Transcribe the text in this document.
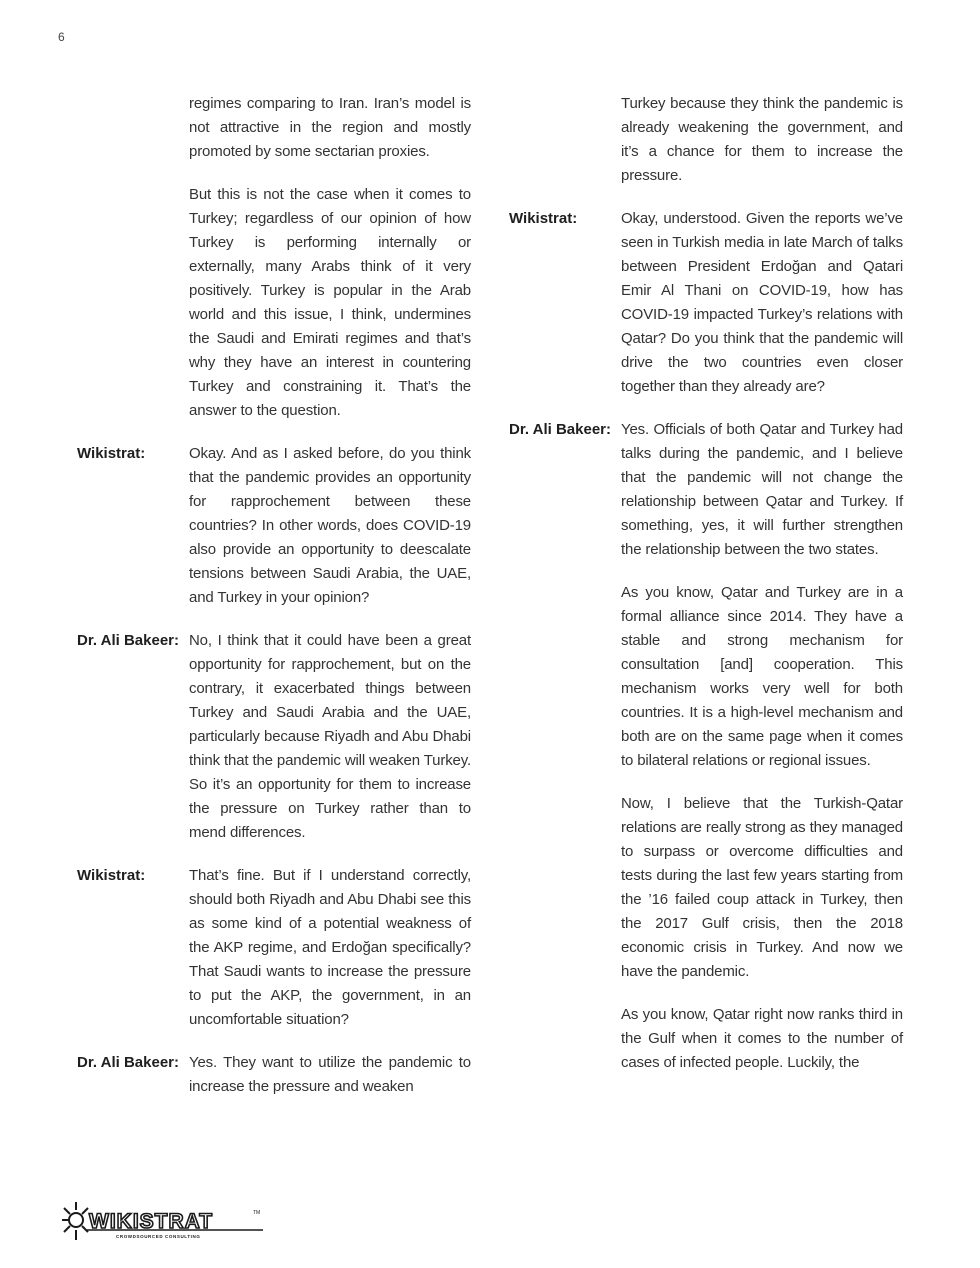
6

regimes comparing to Iran. Iran’s model is not attractive in the region and mostly promoted by some sectarian proxies.

But this is not the case when it comes to Turkey; regardless of our opinion of how Turkey is performing internally or externally, many Arabs think of it very positively. Turkey is popular in the Arab world and this issue, I think, undermines the Saudi and Emirati regimes and that’s why they have an interest in countering Turkey and constraining it. That’s the answer to the question.

Wikistrat:	Okay. And as I asked before, do you think that the pandemic provides an opportunity for rapprochement between these countries? In other words, does COVID-19 also provide an opportunity to deescalate tensions between Saudi Arabia, the UAE, and Turkey in your opinion?

Dr. Ali Bakeer: No, I think that it could have been a great opportunity for rapprochement, but on the contrary, it exacerbated things between Turkey and Saudi Arabia and the UAE, particularly because Riyadh and Abu Dhabi think that the pandemic will weaken Turkey. So it’s an opportunity for them to increase the pressure on Turkey rather than to mend differences.

Wikistrat:	That’s fine. But if I understand correctly, should both Riyadh and Abu Dhabi see this as some kind of a potential weakness of the AKP regime, and Erdoğan specifically? That Saudi wants to increase the pressure to put the AKP, the government, in an uncomfortable situation?

Dr. Ali Bakeer: Yes. They want to utilize the pandemic to increase the pressure and weaken

Turkey because they think the pandemic is already weakening the government, and it’s a chance for them to increase the pressure.

Wikistrat:	Okay, understood. Given the reports we’ve seen in Turkish media in late March of talks between President Erdoğan and Qatari Emir Al Thani on COVID-19, how has COVID-19 impacted Turkey’s relations with Qatar? Do you think that the pandemic will drive the two countries even closer together than they already are?

Dr. Ali Bakeer: Yes. Officials of both Qatar and Turkey had talks during the pandemic, and I believe that the pandemic will not change the relationship between Qatar and Turkey. If something, yes, it will further strengthen the relationship between the two states.

As you know, Qatar and Turkey are in a formal alliance since 2014. They have a stable and strong mechanism for consultation [and] cooperation. This mechanism works very well for both countries. It is a high-level mechanism and both are on the same page when it comes to bilateral relations or regional issues.

Now, I believe that the Turkish-Qatar relations are really strong as they managed to surpass or overcome difficulties and tests during the last few years starting from the ’16 failed coup attack in Turkey, then the 2017 Gulf crisis, then the 2018 economic crisis in Turkey. And now we have the pandemic.

As you know, Qatar right now ranks third in the Gulf when it comes to the number of cases of infected people. Luckily, the

WIKISTRAT	TM
CROWDSOURCED CONSULTING
